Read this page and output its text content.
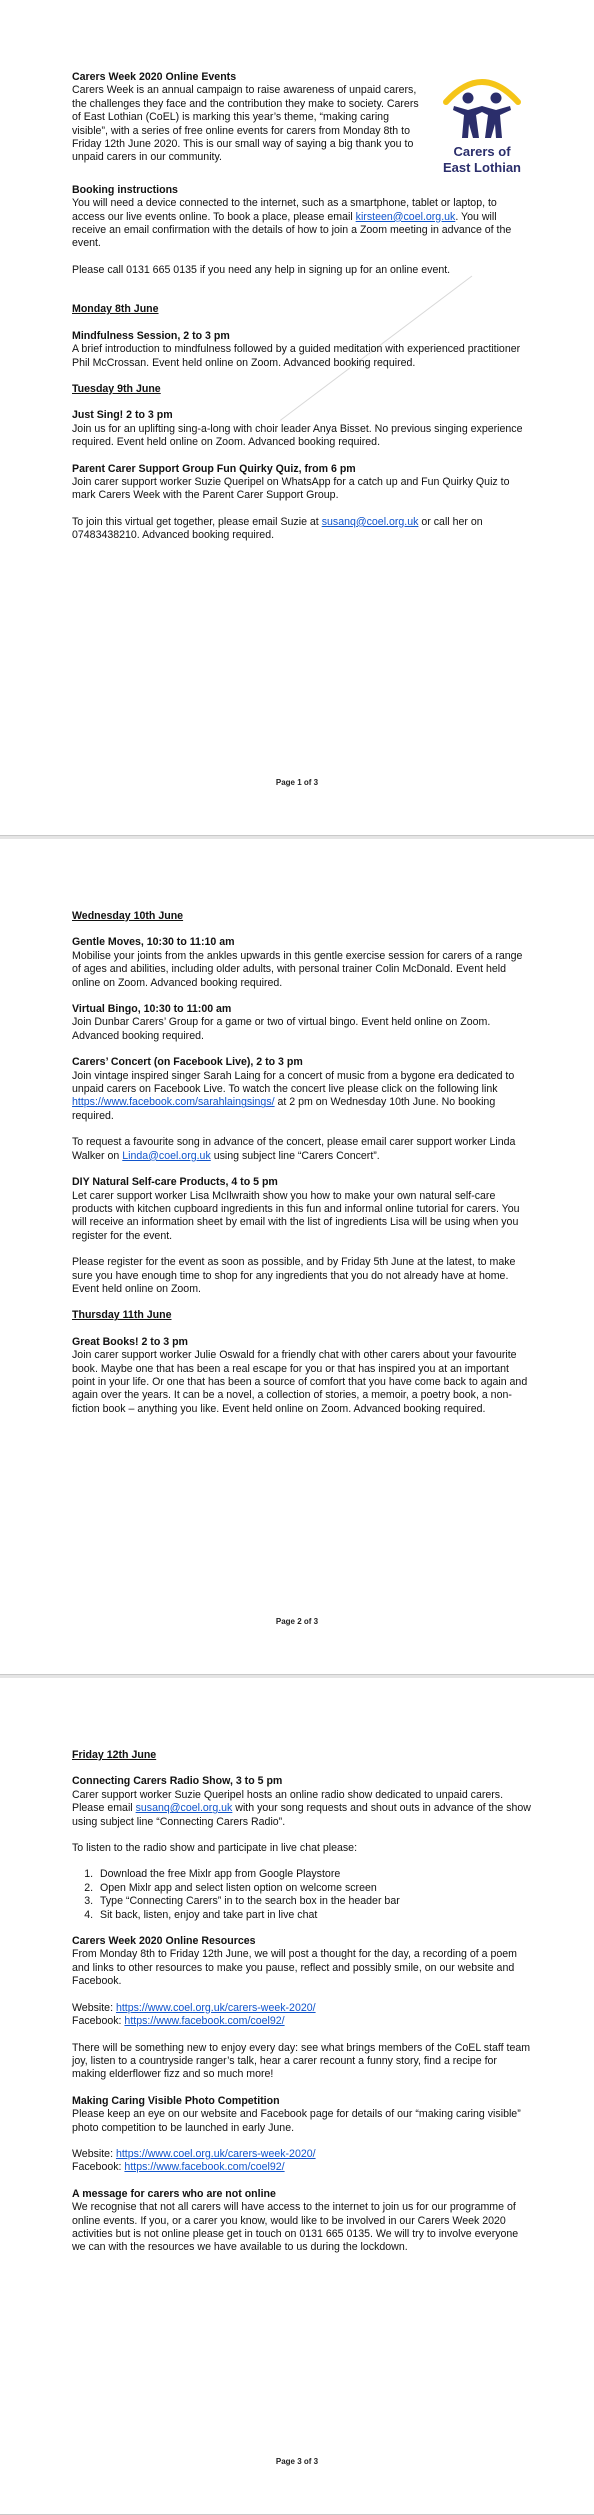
Carers of
East Lothian
Carers Week 2020 Online Events

Carers Week is an annual campaign to raise awareness of unpaid carers, the challenges they face and the contribution they make to society. Carers of East Lothian (CoEL) is marking this year’s theme, “making caring visible”, with a series of free online events for carers from Monday 8th to Friday 12th June 2020. This is our small way of saying a big thank you to unpaid carers in our community.

Booking instructions

You will need a device connected to the internet, such as a smartphone, tablet or laptop, to access our live events online. To book a place, please email kirsteen@coel.org.uk. You will receive an email confirmation with the details of how to join a Zoom meeting in advance of the event.

Please call 0131 665 0135 if you need any help in signing up for an online event.

Monday 8th June

Mindfulness Session, 2 to 3 pm

A brief introduction to mindfulness followed by a guided meditation with experienced practitioner Phil McCrossan. Event held online on Zoom. Advanced booking required.

Tuesday 9th June

Just Sing! 2 to 3 pm

Join us for an uplifting sing-a-long with choir leader Anya Bisset. No previous singing experience required. Event held online on Zoom. Advanced booking required.

Parent Carer Support Group Fun Quirky Quiz, from 6 pm

Join carer support worker Suzie Queripel on WhatsApp for a catch up and Fun Quirky Quiz to mark Carers Week with the Parent Carer Support Group.

To join this virtual get together, please email Suzie at susanq@coel.org.uk or call her on 07483438210. Advanced booking required.

Page 1 of 3

Wednesday 10th June

Gentle Moves, 10:30 to 11:10 am

Mobilise your joints from the ankles upwards in this gentle exercise session for carers of a range of ages and abilities, including older adults, with personal trainer Colin McDonald. Event held online on Zoom. Advanced booking required.

Virtual Bingo, 10:30 to 11:00 am

Join Dunbar Carers’ Group for a game or two of virtual bingo. Event held online on Zoom. Advanced booking required.

Carers’ Concert (on Facebook Live), 2 to 3 pm

Join vintage inspired singer Sarah Laing for a concert of music from a bygone era dedicated to unpaid carers on Facebook Live. To watch the concert live please click on the following link https://www.facebook.com/sarahlaingsings/ at 2 pm on Wednesday 10th June. No booking required.

To request a favourite song in advance of the concert, please email carer support worker Linda Walker on Linda@coel.org.uk using subject line “Carers Concert”.

DIY Natural Self-care Products, 4 to 5 pm

Let carer support worker Lisa McIlwraith show you how to make your own natural self-care products with kitchen cupboard ingredients in this fun and informal online tutorial for carers. You will receive an information sheet by email with the list of ingredients Lisa will be using when you register for the event.

Please register for the event as soon as possible, and by Friday 5th June at the latest, to make sure you have enough time to shop for any ingredients that you do not already have at home. Event held online on Zoom.

Thursday 11th June

Great Books! 2 to 3 pm

Join carer support worker Julie Oswald for a friendly chat with other carers about your favourite book. Maybe one that has been a real escape for you or that has inspired you at an important point in your life. Or one that has been a source of comfort that you have come back to again and again over the years. It can be a novel, a collection of stories, a memoir, a poetry book, a non-fiction book – anything you like. Event held online on Zoom. Advanced booking required.

Page 2 of 3

Friday 12th June

Connecting Carers Radio Show, 3 to 5 pm

Carer support worker Suzie Queripel hosts an online radio show dedicated to unpaid carers. Please email susanq@coel.org.uk with your song requests and shout outs in advance of the show using subject line “Connecting Carers Radio”.

To listen to the radio show and participate in live chat please:

1. Download the free Mixlr app from Google Playstore
2. Open Mixlr app and select listen option on welcome screen
3. Type “Connecting Carers” in to the search box in the header bar
4. Sit back, listen, enjoy and take part in live chat
Carers Week 2020 Online Resources

From Monday 8th to Friday 12th June, we will post a thought for the day, a recording of a poem and links to other resources to make you pause, reflect and possibly smile, on our website and Facebook.

Website: https://www.coel.org.uk/carers-week-2020/
Facebook: https://www.facebook.com/coel92/

There will be something new to enjoy every day: see what brings members of the CoEL staff team joy, listen to a countryside ranger’s talk, hear a carer recount a funny story, find a recipe for making elderflower fizz and so much more!

Making Caring Visible Photo Competition

Please keep an eye on our website and Facebook page for details of our “making caring visible” photo competition to be launched in early June.

Website: https://www.coel.org.uk/carers-week-2020/
Facebook: https://www.facebook.com/coel92/

A message for carers who are not online

We recognise that not all carers will have access to the internet to join us for our programme of online events. If you, or a carer you know, would like to be involved in our Carers Week 2020 activities but is not online please get in touch on 0131 665 0135. We will try to involve everyone we can with the resources we have available to us during the lockdown.

Page 3 of 3
